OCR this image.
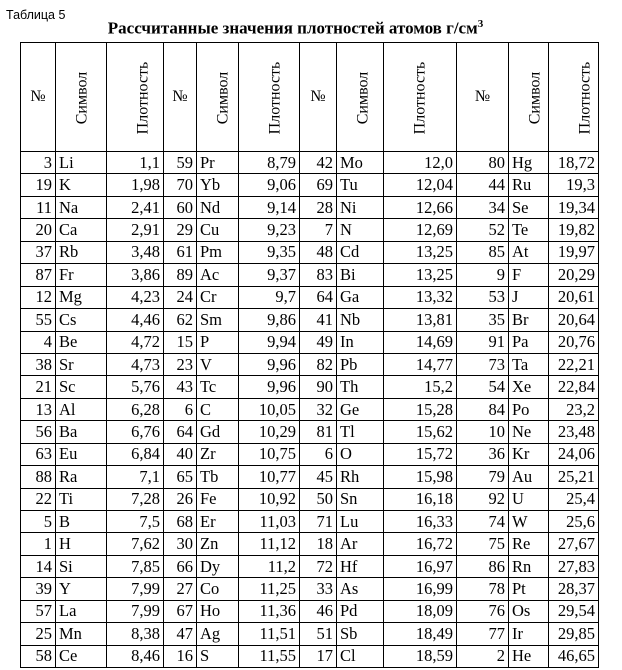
Таблица 5
Рассчитанные значения плотностей атомов $г/см^3$
№	Символ	Плотность	№	Символ	Плотность	№	Символ	Плотность	№	Символ	Плотность
3	Li	1,1	59	Pr	8,79	42	Mo	12,0	80	Hg	18,72
19	K	1,98	70	Yb	9,06	69	Tu	12,04	44	Ru	19,3
11	Na	2,41	60	Nd	9,14	28	Ni	12,66	34	Se	19,34
20	Ca	2,91	29	Cu	9,23	7	N	12,69	52	Te	19,82
37	Rb	3,48	61	Pm	9,35	48	Cd	13,25	85	At	19,97
87	Fr	3,86	89	Ac	9,37	83	Bi	13,25	9	F	20,29
12	Mg	4,23	24	Cr	9,7	64	Ga	13,32	53	J	20,61
55	Cs	4,46	62	Sm	9,86	41	Nb	13,81	35	Br	20,64
4	Be	4,72	15	P	9,94	49	In	14,69	91	Pa	20,76
38	Sr	4,73	23	V	9,96	82	Pb	14,77	73	Ta	22,21
21	Sc	5,76	43	Tc	9,96	90	Th	15,2	54	Xe	22,84
13	Al	6,28	6	C	10,05	32	Ge	15,28	84	Po	23,2
56	Ba	6,76	64	Gd	10,29	81	Tl	15,62	10	Ne	23,48
63	Eu	6,84	40	Zr	10,75	6	O	15,72	36	Kr	24,06
88	Ra	7,1	65	Tb	10,77	45	Rh	15,98	79	Au	25,21
22	Ti	7,28	26	Fe	10,92	50	Sn	16,18	92	U	25,4
5	B	7,5	68	Er	11,03	71	Lu	16,33	74	W	25,6
1	H	7,62	30	Zn	11,12	18	Ar	16,72	75	Re	27,67
14	Si	7,85	66	Dy	11,2	72	Hf	16,97	86	Rn	27,83
39	Y	7,99	27	Co	11,25	33	As	16,99	78	Pt	28,37
57	La	7,99	67	Ho	11,36	46	Pd	18,09	76	Os	29,54
25	Mn	8,38	47	Ag	11,51	51	Sb	18,49	77	Ir	29,85
58	Ce	8,46	16	S	11,55	17	Cl	18,59	2	He	46,65
